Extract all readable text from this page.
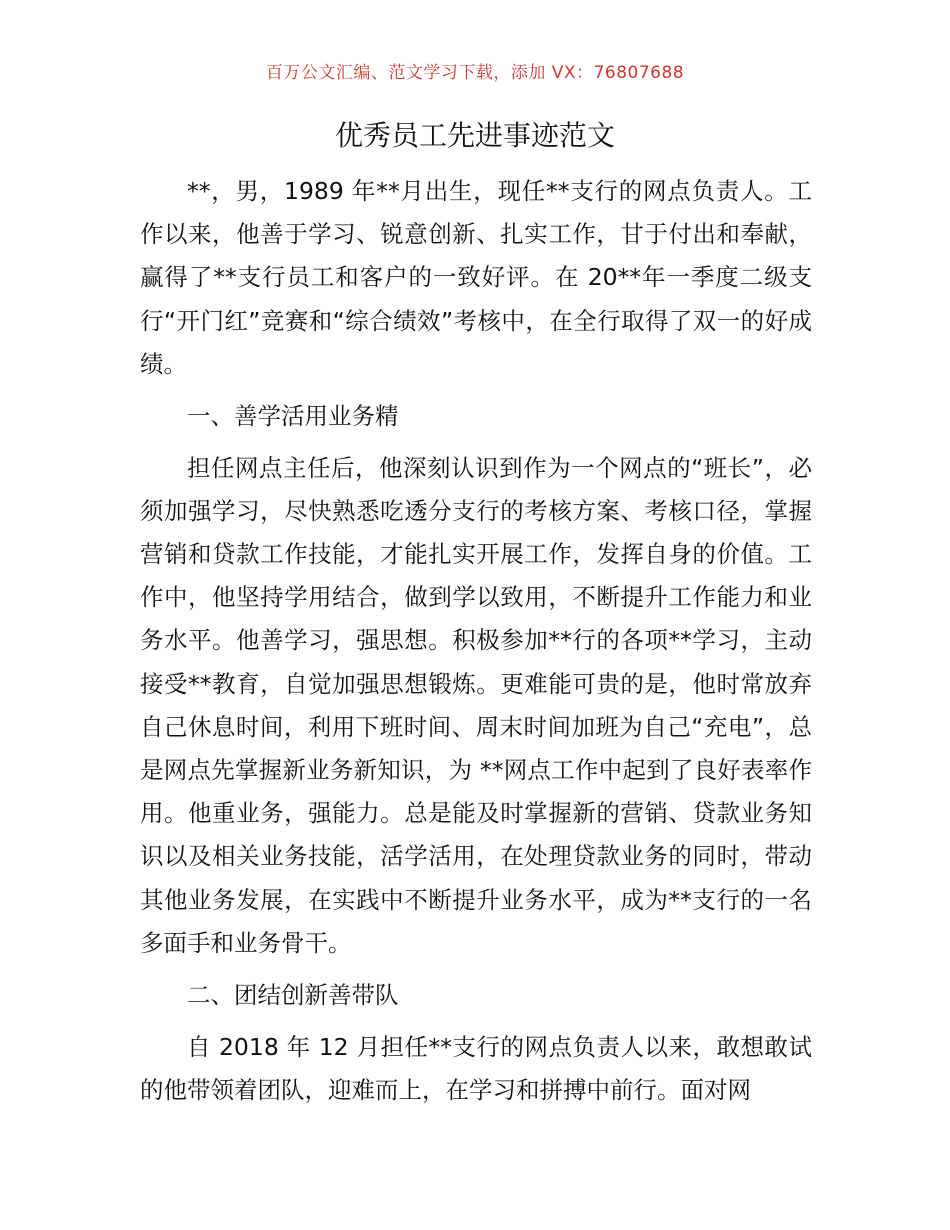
百万公文汇编、范文学习下载，添加 VX：76807688
优秀员工先进事迹范文

**，男，1989 年**月出生，现任**支行的网点负责人。工作以来，他善于学习、锐意创新、扎实工作，甘于付出和奉献，赢得了**支行员工和客户的一致好评。在 20**年一季度二级支行“开门红”竞赛和“综合绩效”考核中，在全行取得了双一的好成绩。

一、善学活用业务精

担任网点主任后，他深刻认识到作为一个网点的“班长”，必须加强学习，尽快熟悉吃透分支行的考核方案、考核口径，掌握营销和贷款工作技能，才能扎实开展工作，发挥自身的价值。工作中，他坚持学用结合，做到学以致用，不断提升工作能力和业务水平。他善学习，强思想。积极参加**行的各项**学习，主动接受**教育，自觉加强思想锻炼。更难能可贵的是，他时常放弃自己休息时间，利用下班时间、周末时间加班为自己“充电”，总是网点先掌握新业务新知识，为 **网点工作中起到了良好表率作用。他重业务，强能力。总是能及时掌握新的营销、贷款业务知识以及相关业务技能，活学活用，在处理贷款业务的同时，带动其他业务发展，在实践中不断提升业务水平，成为**支行的一名多面手和业务骨干。

二、团结创新善带队

自 2018 年 12 月担任**支行的网点负责人以来，敢想敢试的他带领着团队，迎难而上，在学习和拼搏中前行。面对网
